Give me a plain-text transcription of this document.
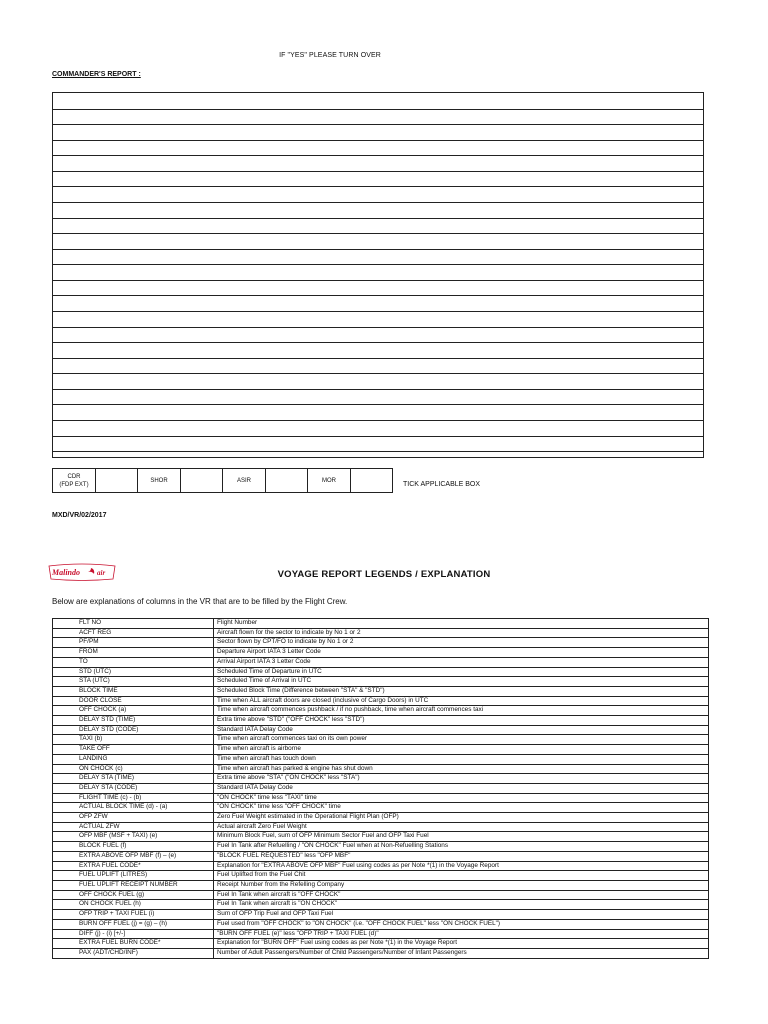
IF "YES" PLEASE TURN OVER
COMMANDER'S REPORT :
CDR
(FDP EXT)		SHOR		ASIR		MOR	
TICK APPLICABLE BOX
MXD/VR/02/2017
Malindo air	VOYAGE REPORT LEGENDS / EXPLANATION
Below are explanations of columns in the VR that are to be filled by the Flight Crew.
FLT NO	Flight Number
ACFT REG	Aircraft flown for the sector to indicate by No 1 or 2
PF/PM	Sector flown by CPT/FO to indicate by No 1 or 2
FROM	Departure Airport IATA 3 Letter Code
TO	Arrival Airport IATA 3 Letter Code
STD (UTC)	Scheduled Time of Departure in UTC
STA (UTC)	Scheduled Time of Arrival in UTC
BLOCK TIME	Scheduled Block Time (Difference between "STA" & "STD")
DOOR CLOSE	Time when ALL aircraft doors are closed (inclusive of Cargo Doors) in UTC
OFF CHOCK (a)	Time when aircraft commences pushback / if no pushback, time when aircraft commences taxi
DELAY STD (TIME)	Extra time above "STD" ("OFF CHOCK" less "STD")
DELAY STD (CODE)	Standard IATA Delay Code
TAXI (b)	Time when aircraft commences taxi on its own power
TAKE OFF	Time when aircraft is airborne
LANDING	Time when aircraft has touch down
ON CHOCK (c)	Time when aircraft has parked & engine has shut down
DELAY STA (TIME)	Extra time above "STA" ("ON CHOCK" less "STA")
DELAY STA (CODE)	Standard IATA Delay Code
FLIGHT TIME (c) - (b)	"ON CHOCK" time less "TAXI" time
ACTUAL BLOCK TIME (d) - (a)	"ON CHOCK" time less "OFF CHOCK" time
OFP ZFW	Zero Fuel Weight estimated in the Operational Flight Plan (OFP)
ACTUAL ZFW	Actual aircraft Zero Fuel Weight
OFP MBF (MSF + TAXI) (e)	Minimum Block Fuel, sum of OFP Minimum Sector Fuel and OFP Taxi Fuel
BLOCK FUEL (f)	Fuel In Tank after Refuelling / "ON CHOCK" Fuel when at Non-Refuelling Stations
EXTRA ABOVE OFP MBF (f) – (e)	"BLOCK FUEL REQUESTED" less "OFP MBF"
EXTRA FUEL CODE*	Explanation for "EXTRA ABOVE OFP MBF" Fuel using codes as per Note *(1) in the Voyage Report
FUEL UPLIFT (LITRES)	Fuel Uplifted from the Fuel Chit
FUEL UPLIFT RECEIPT NUMBER	Receipt Number from the Refelling Company
OFF CHOCK FUEL (g)	Fuel In Tank when aircraft is "OFF CHOCK"
ON CHOCK FUEL (h)	Fuel In Tank when aircraft is "ON CHOCK"
OFP TRIP + TAXI FUEL (i)	Sum of OFP Trip Fuel and OFP Taxi Fuel
BURN OFF FUEL (j) = (g) – (h)	Fuel used from "OFF CHOCK" to "ON CHOCK" (i.e. "OFF CHOCK FUEL" less "ON CHOCK FUEL")
DIFF (j) - (i) [+/-]	"BURN OFF FUEL (e)" less "OFP TRIP + TAXI FUEL (d)"
EXTRA FUEL BURN CODE*	Explanation for "BURN OFF" Fuel using codes as per Note *(1) in the Voyage Report
PAX (ADT/CHD/INF)	Number of Adult Passengers/Number of Child Passengers/Number of Infant Passengers
